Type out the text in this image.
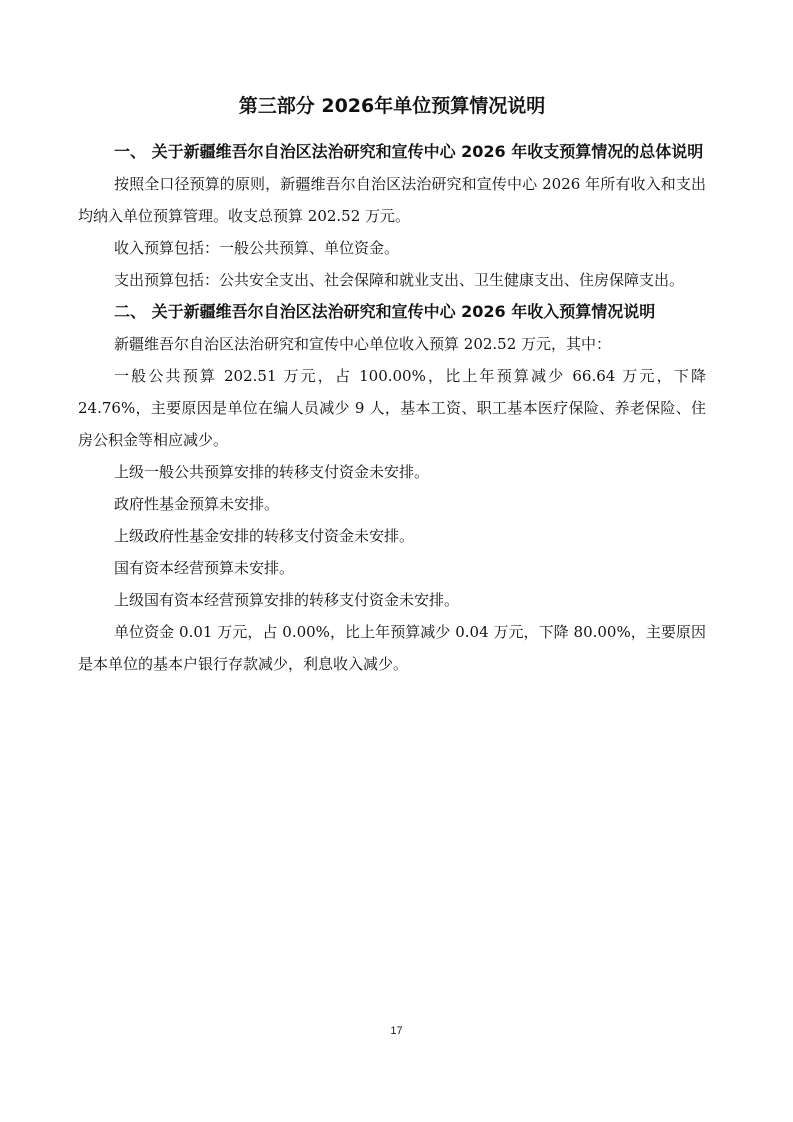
第三部分 2026年单位预算情况说明

一、 关于新疆维吾尔自治区法治研究和宣传中心 2026 年收支预算情况的总体说明

按照全口径预算的原则，新疆维吾尔自治区法治研究和宣传中心 2026 年所有收入和支出均纳入单位预算管理。收支总预算 202.52 万元。

收入预算包括：一般公共预算、单位资金。

支出预算包括：公共安全支出、社会保障和就业支出、卫生健康支出、住房保障支出。

二、 关于新疆维吾尔自治区法治研究和宣传中心 2026 年收入预算情况说明

新疆维吾尔自治区法治研究和宣传中心单位收入预算 202.52 万元，其中：

一般公共预算 202.51 万元，占 100.00%，比上年预算减少 66.64 万元，下降 24.76%，主要原因是单位在编人员减少 9 人，基本工资、职工基本医疗保险、养老保险、住房公积金等相应减少。

上级一般公共预算安排的转移支付资金未安排。

政府性基金预算未安排。

上级政府性基金安排的转移支付资金未安排。

国有资本经营预算未安排。

上级国有资本经营预算安排的转移支付资金未安排。

单位资金 0.01 万元，占 0.00%，比上年预算减少 0.04 万元，下降 80.00%，主要原因是本单位的基本户银行存款减少，利息收入减少。

17
